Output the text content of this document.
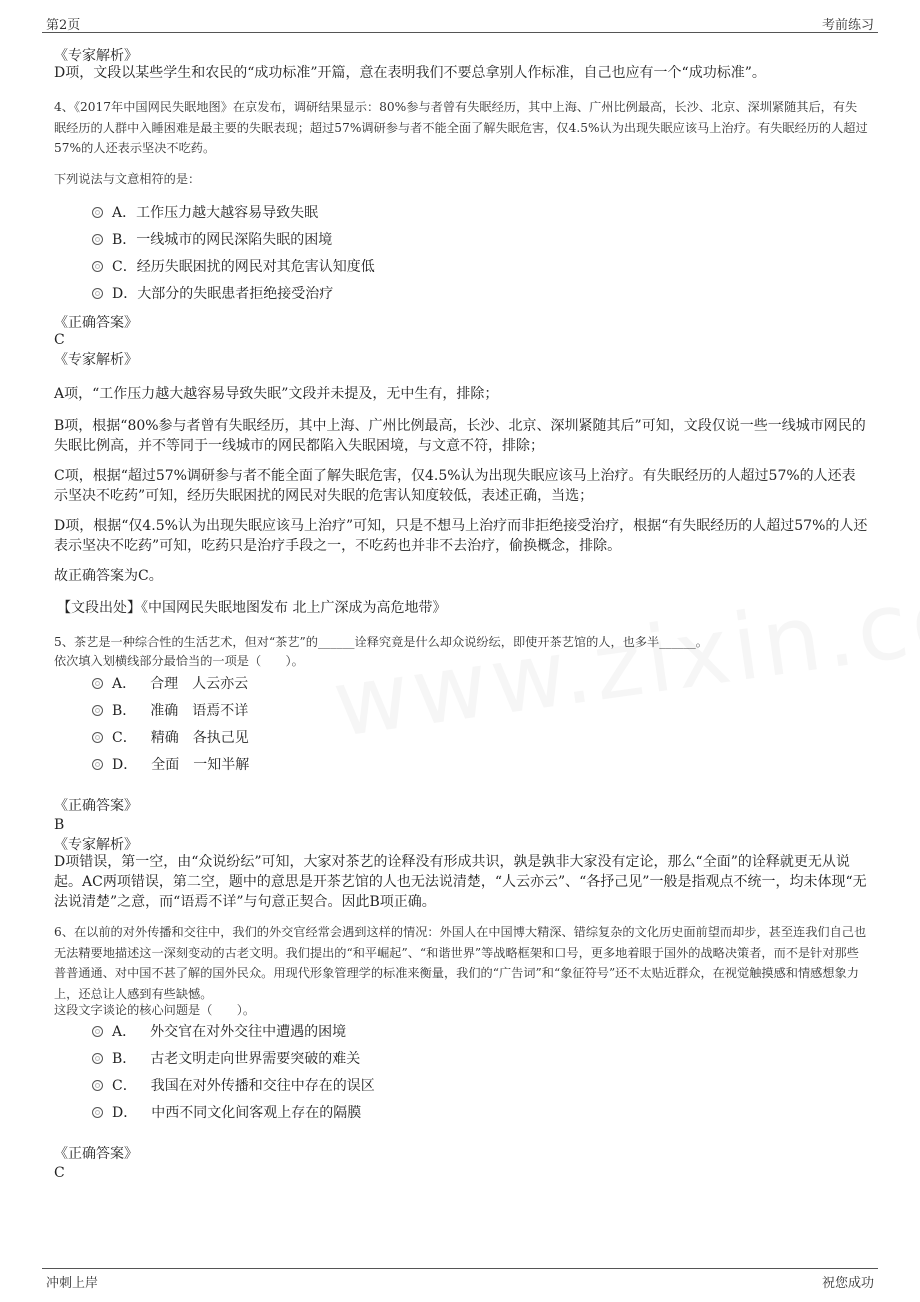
第2页	考前练习
《专家解析》
D项，文段以某些学生和农民的“成功标准”开篇，意在表明我们不要总拿别人作标准，自己也应有一个“成功标准”。
4、《2017年中国网民失眠地图》在京发布，调研结果显示：80%参与者曾有失眠经历，其中上海、广州比例最高，长沙、北京、深圳紧随其后，有失眠经历的人群中入睡困难是最主要的失眠表现；超过57%调研参与者不能全面了解失眠危害，仅4.5%认为出现失眠应该马上治疗。有失眠经历的人超过57%的人还表示坚决不吃药。
下列说法与文意相符的是：
A．工作压力越大越容易导致失眠
B．一线城市的网民深陷失眠的困境
C．经历失眠困扰的网民对其危害认知度低
D．大部分的失眠患者拒绝接受治疗
《正确答案》
C
《专家解析》
A项，“工作压力越大越容易导致失眠”文段并未提及，无中生有，排除；
B项，根据“80%参与者曾有失眠经历，其中上海、广州比例最高，长沙、北京、深圳紧随其后”可知，文段仅说一些一线城市网民的失眠比例高，并不等同于一线城市的网民都陷入失眠困境，与文意不符，排除；
C项，根据“超过57%调研参与者不能全面了解失眠危害，仅4.5%认为出现失眠应该马上治疗。有失眠经历的人超过57%的人还表示坚决不吃药”可知，经历失眠困扰的网民对失眠的危害认知度较低，表述正确，当选；
D项，根据“仅4.5%认为出现失眠应该马上治疗”可知，只是不想马上治疗而非拒绝接受治疗，根据“有失眠经历的人超过57%的人还表示坚决不吃药”可知，吃药只是治疗手段之一，不吃药也并非不去治疗，偷换概念，排除。
故正确答案为C。
【文段出处】《中国网民失眠地图发布 北上广深成为高危地带》
5、茶艺是一种综合性的生活艺术，但对“茶艺”的______诠释究竟是什么却众说纷纭，即使开茶艺馆的人，也多半______。
依次填入划横线部分最恰当的一项是（　　）。
A． 合理 人云亦云
B． 准确 语焉不详
C． 精确 各执己见
D． 全面 一知半解
《正确答案》
B
《专家解析》
D项错误，第一空，由“众说纷纭”可知，大家对茶艺的诠释没有形成共识，孰是孰非大家没有定论，那么“全面”的诠释就更无从说起。AC两项错误，第二空，题中的意思是开茶艺馆的人也无法说清楚，“人云亦云”、“各抒己见”一般是指观点不统一，均未体现“无法说清楚”之意，而“语焉不详”与句意正契合。因此B项正确。
6、在以前的对外传播和交往中，我们的外交官经常会遇到这样的情况：外国人在中国博大精深、错综复杂的文化历史面前望而却步，甚至连我们自己也无法精要地描述这一深刻变动的古老文明。我们提出的“和平崛起”、“和谐世界”等战略框架和口号，更多地着眼于国外的战略决策者，而不是针对那些普普通通、对中国不甚了解的国外民众。用现代形象管理学的标准来衡量，我们的“广告词”和“象征符号”还不太贴近群众，在视觉触摸感和情感想象力上，还总让人感到有些缺憾。
这段文字谈论的核心问题是（　　）。
A． 外交官在对外交往中遭遇的困境
B． 古老文明走向世界需要突破的难关
C． 我国在对外传播和交往中存在的误区
D． 中西不同文化间客观上存在的隔膜
《正确答案》
C
冲刺上岸	祝您成功
